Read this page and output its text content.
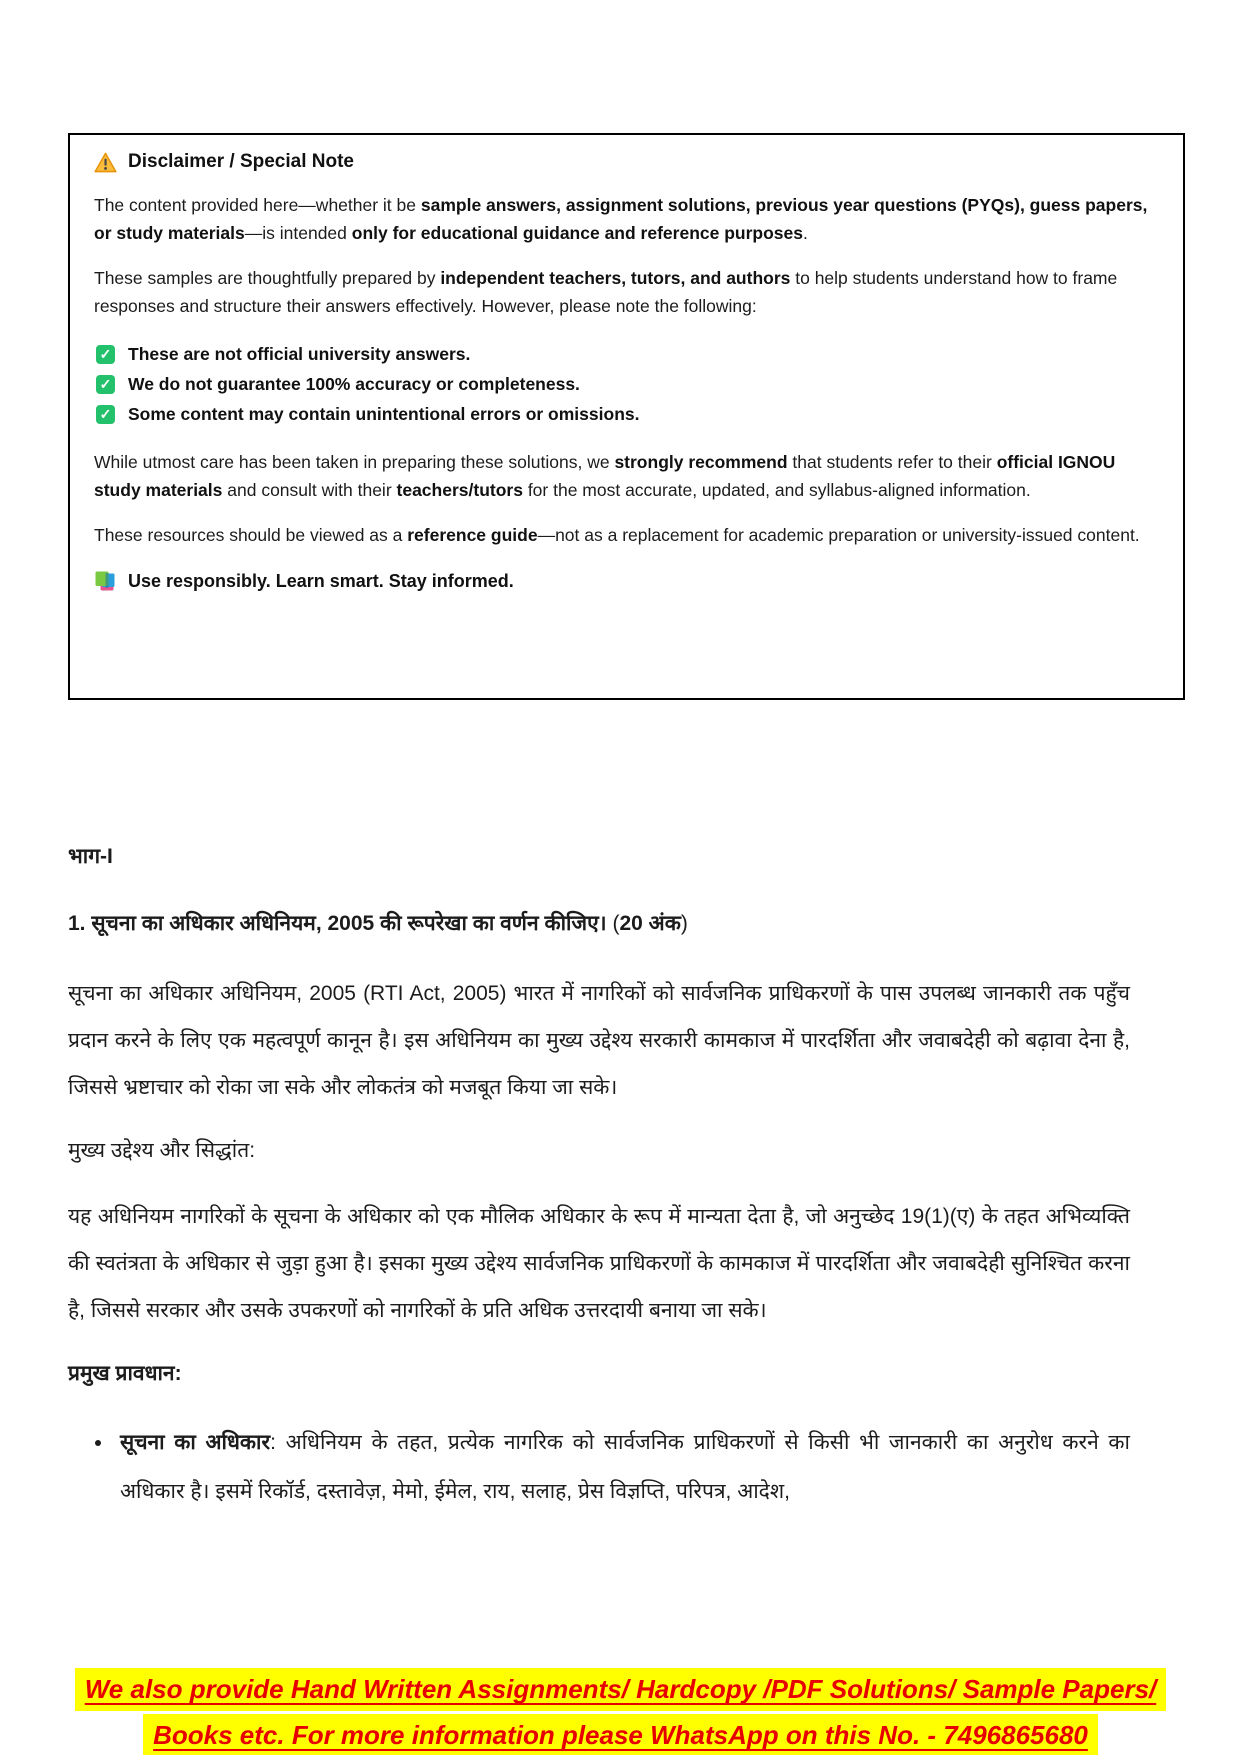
Disclaimer / Special Note

The content provided here—whether it be sample answers, assignment solutions, previous year questions (PYQs), guess papers, or study materials—is intended only for educational guidance and reference purposes.

These samples are thoughtfully prepared by independent teachers, tutors, and authors to help students understand how to frame responses and structure their answers effectively. However, please note the following:

✓ These are not official university answers.
✓ We do not guarantee 100% accuracy or completeness.
✓ Some content may contain unintentional errors or omissions.

While utmost care has been taken in preparing these solutions, we strongly recommend that students refer to their official IGNOU study materials and consult with their teachers/tutors for the most accurate, updated, and syllabus-aligned information.

These resources should be viewed as a reference guide—not as a replacement for academic preparation or university-issued content.

Use responsibly. Learn smart. Stay informed.

भाग-I

1. सूचना का अधिकार अधिनियम, 2005 की रूपरेखा का वर्णन कीजिए। (20 अंक)

सूचना का अधिकार अधिनियम, 2005 (RTI Act, 2005) भारत में नागरिकों को सार्वजनिक प्राधिकरणों के पास उपलब्ध जानकारी तक पहुँच प्रदान करने के लिए एक महत्वपूर्ण कानून है। इस अधिनियम का मुख्य उद्देश्य सरकारी कामकाज में पारदर्शिता और जवाबदेही को बढ़ावा देना है, जिससे भ्रष्टाचार को रोका जा सके और लोकतंत्र को मजबूत किया जा सके।

मुख्य उद्देश्य और सिद्धांत:

यह अधिनियम नागरिकों के सूचना के अधिकार को एक मौलिक अधिकार के रूप में मान्यता देता है, जो अनुच्छेद 19(1)(ए) के तहत अभिव्यक्ति की स्वतंत्रता के अधिकार से जुड़ा हुआ है। इसका मुख्य उद्देश्य सार्वजनिक प्राधिकरणों के कामकाज में पारदर्शिता और जवाबदेही सुनिश्चित करना है, जिससे सरकार और उसके उपकरणों को नागरिकों के प्रति अधिक उत्तरदायी बनाया जा सके।

प्रमुख प्रावधान:

• सूचना का अधिकार: अधिनियम के तहत, प्रत्येक नागरिक को सार्वजनिक प्राधिकरणों से किसी भी जानकारी का अनुरोध करने का अधिकार है। इसमें रिकॉर्ड, दस्तावेज़, मेमो, ईमेल, राय, सलाह, प्रेस विज्ञप्ति, परिपत्र, आदेश,

We also provide Hand Written Assignments/ Hardcopy /PDF Solutions/ Sample Papers/

Books etc. For more information please WhatsApp on this No. - 7496865680
